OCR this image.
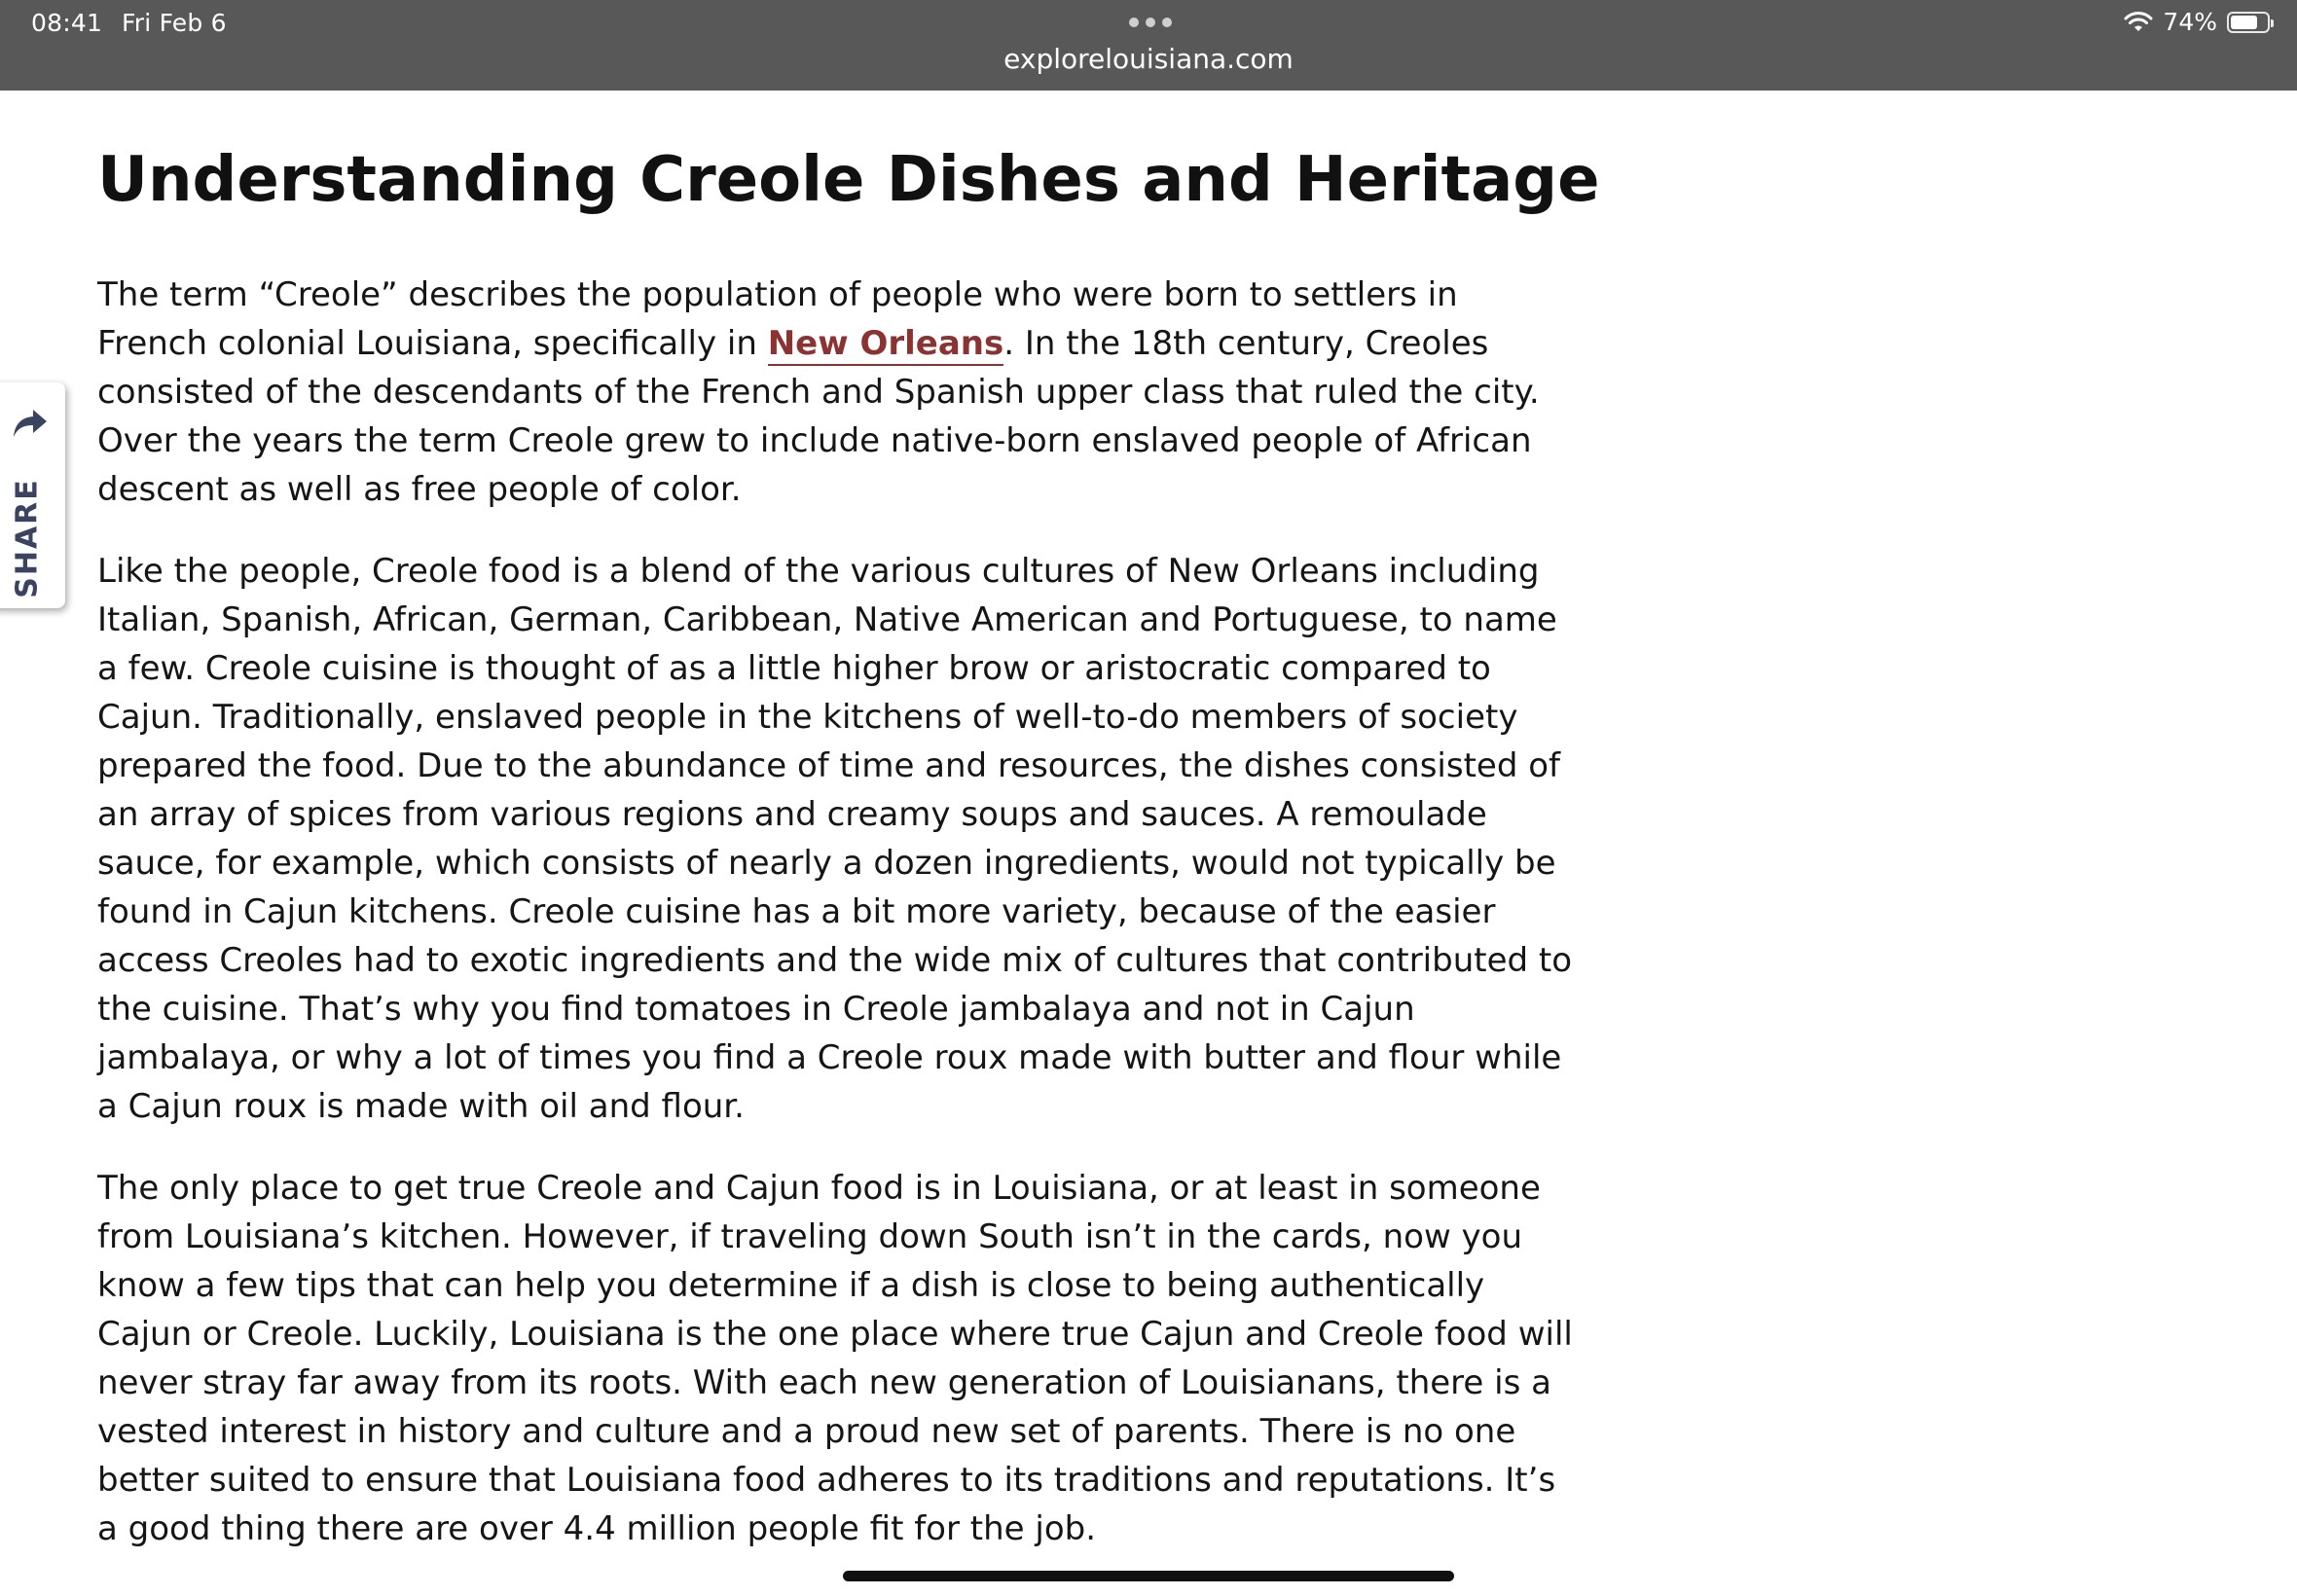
08:41 Fri Feb 6
explorelouisiana.com
74%
SHARE
Understanding Creole Dishes and Heritage

The term “Creole” describes the population of people who were born to settlers in French colonial Louisiana, specifically in New Orleans. In the 18th century, Creoles consisted of the descendants of the French and Spanish upper class that ruled the city. Over the years the term Creole grew to include native-born enslaved people of African descent as well as free people of color.

Like the people, Creole food is a blend of the various cultures of New Orleans including Italian, Spanish, African, German, Caribbean, Native American and Portuguese, to name a few. Creole cuisine is thought of as a little higher brow or aristocratic compared to Cajun. Traditionally, enslaved people in the kitchens of well-to-do members of society prepared the food. Due to the abundance of time and resources, the dishes consisted of an array of spices from various regions and creamy soups and sauces. A remoulade sauce, for example, which consists of nearly a dozen ingredients, would not typically be found in Cajun kitchens. Creole cuisine has a bit more variety, because of the easier access Creoles had to exotic ingredients and the wide mix of cultures that contributed to the cuisine. That’s why you find tomatoes in Creole jambalaya and not in Cajun jambalaya, or why a lot of times you find a Creole roux made with butter and flour while a Cajun roux is made with oil and flour.

The only place to get true Creole and Cajun food is in Louisiana, or at least in someone from Louisiana’s kitchen. However, if traveling down South isn’t in the cards, now you know a few tips that can help you determine if a dish is close to being authentically Cajun or Creole. Luckily, Louisiana is the one place where true Cajun and Creole food will never stray far away from its roots. With each new generation of Louisianans, there is a vested interest in history and culture and a proud new set of parents. There is no one better suited to ensure that Louisiana food adheres to its traditions and reputations. It’s a good thing there are over 4.4 million people fit for the job.
